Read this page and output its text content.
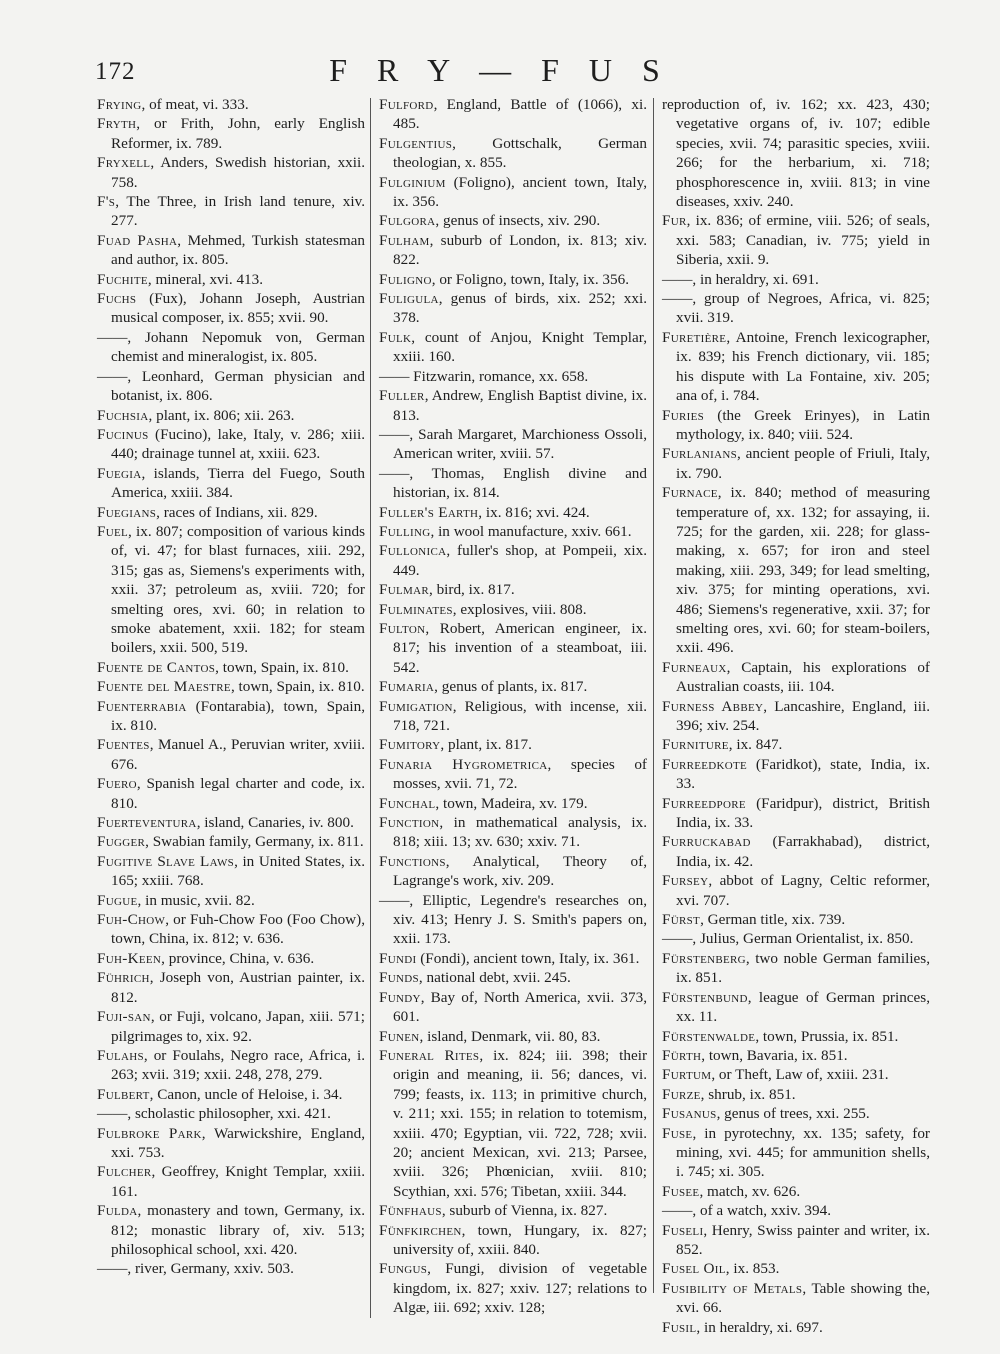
172	F R Y — F U S

Frying, of meat, vi. 333.

Fryth, or Frith, John, early English Reformer, ix. 789.

Fryxell, Anders, Swedish historian, xxii. 758.

F's, The Three, in Irish land tenure, xiv. 277.

Fuad Pasha, Mehmed, Turkish statesman and author, ix. 805.

Fuchite, mineral, xvi. 413.

Fuchs (Fux), Johann Joseph, Austrian musical composer, ix. 855; xvii. 90.

——, Johann Nepomuk von, German chemist and mineralogist, ix. 805.

——, Leonhard, German physician and botanist, ix. 806.

Fuchsia, plant, ix. 806; xii. 263.

Fucinus (Fucino), lake, Italy, v. 286; xiii. 440; drainage tunnel at, xxiii. 623.

Fuegia, islands, Tierra del Fuego, South America, xxiii. 384.

Fuegians, races of Indians, xii. 829.

Fuel, ix. 807; composition of various kinds of, vi. 47; for blast furnaces, xiii. 292, 315; gas as, Siemens's experiments with, xxii. 37; petroleum as, xviii. 720; for smelting ores, xvi. 60; in relation to smoke abatement, xxii. 182; for steam boilers, xxii. 500, 519.

Fuente de Cantos, town, Spain, ix. 810.

Fuente del Maestre, town, Spain, ix. 810.

Fuenterrabia (Fontarabia), town, Spain, ix. 810.

Fuentes, Manuel A., Peruvian writer, xviii. 676.

Fuero, Spanish legal charter and code, ix. 810.

Fuerteventura, island, Canaries, iv. 800.

Fugger, Swabian family, Germany, ix. 811.

Fugitive Slave Laws, in United States, ix. 165; xxiii. 768.

Fugue, in music, xvii. 82.

Fuh-Chow, or Fuh-Chow Foo (Foo Chow), town, China, ix. 812; v. 636.

Fuh-Keen, province, China, v. 636.

Führich, Joseph von, Austrian painter, ix. 812.

Fuji-san, or Fuji, volcano, Japan, xiii. 571; pilgrimages to, xix. 92.

Fulahs, or Foulahs, Negro race, Africa, i. 263; xvii. 319; xxii. 248, 278, 279.

Fulbert, Canon, uncle of Heloise, i. 34.

——, scholastic philosopher, xxi. 421.

Fulbroke Park, Warwickshire, England, xxi. 753.

Fulcher, Geoffrey, Knight Templar, xxiii. 161.

Fulda, monastery and town, Germany, ix. 812; monastic library of, xiv. 513; philosophical school, xxi. 420.

——, river, Germany, xxiv. 503.

Fulford, England, Battle of (1066), xi. 485.

Fulgentius, Gottschalk, German theologian, x. 855.

Fulginium (Foligno), ancient town, Italy, ix. 356.

Fulgora, genus of insects, xiv. 290.

Fulham, suburb of London, ix. 813; xiv. 822.

Fuligno, or Foligno, town, Italy, ix. 356.

Fuligula, genus of birds, xix. 252; xxi. 378.

Fulk, count of Anjou, Knight Templar, xxiii. 160.

—— Fitzwarin, romance, xx. 658.

Fuller, Andrew, English Baptist divine, ix. 813.

——, Sarah Margaret, Marchioness Ossoli, American writer, xviii. 57.

——, Thomas, English divine and historian, ix. 814.

Fuller's Earth, ix. 816; xvi. 424.

Fulling, in wool manufacture, xxiv. 661.

Fullonica, fuller's shop, at Pompeii, xix. 449.

Fulmar, bird, ix. 817.

Fulminates, explosives, viii. 808.

Fulton, Robert, American engineer, ix. 817; his invention of a steamboat, iii. 542.

Fumaria, genus of plants, ix. 817.

Fumigation, Religious, with incense, xii. 718, 721.

Fumitory, plant, ix. 817.

Funaria Hygrometrica, species of mosses, xvii. 71, 72.

Funchal, town, Madeira, xv. 179.

Function, in mathematical analysis, ix. 818; xiii. 13; xv. 630; xxiv. 71.

Functions, Analytical, Theory of, Lagrange's work, xiv. 209.

——, Elliptic, Legendre's researches on, xiv. 413; Henry J. S. Smith's papers on, xxii. 173.

Fundi (Fondi), ancient town, Italy, ix. 361.

Funds, national debt, xvii. 245.

Fundy, Bay of, North America, xvii. 373, 601.

Funen, island, Denmark, vii. 80, 83.

Funeral Rites, ix. 824; iii. 398; their origin and meaning, ii. 56; dances, vi. 799; feasts, ix. 113; in primitive church, v. 211; xxi. 155; in relation to totemism, xxiii. 470; Egyptian, vii. 722, 728; xvii. 20; ancient Mexican, xvi. 213; Parsee, xviii. 326; Phœnician, xviii. 810; Scythian, xxi. 576; Tibetan, xxiii. 344.

Fünfhaus, suburb of Vienna, ix. 827.

Fünfkirchen, town, Hungary, ix. 827; university of, xxiii. 840.

Fungus, Fungi, division of vegetable kingdom, ix. 827; xxiv. 127; relations to Algæ, iii. 692; xxiv. 128;

reproduction of, iv. 162; xx. 423, 430; vegetative organs of, iv. 107; edible species, xvii. 74; parasitic species, xviii. 266; for the herbarium, xi. 718; phosphorescence in, xviii. 813; in vine diseases, xxiv. 240.

Fur, ix. 836; of ermine, viii. 526; of seals, xxi. 583; Canadian, iv. 775; yield in Siberia, xxii. 9.

——, in heraldry, xi. 691.

——, group of Negroes, Africa, vi. 825; xvii. 319.

Furetière, Antoine, French lexicographer, ix. 839; his French dictionary, vii. 185; his dispute with La Fontaine, xiv. 205; ana of, i. 784.

Furies (the Greek Erinyes), in Latin mythology, ix. 840; viii. 524.

Furlanians, ancient people of Friuli, Italy, ix. 790.

Furnace, ix. 840; method of measuring temperature of, xx. 132; for assaying, ii. 725; for the garden, xii. 228; for glass-making, x. 657; for iron and steel making, xiii. 293, 349; for lead smelting, xiv. 375; for minting operations, xvi. 486; Siemens's regenerative, xxii. 37; for smelting ores, xvi. 60; for steam-boilers, xxii. 496.

Furneaux, Captain, his explorations of Australian coasts, iii. 104.

Furness Abbey, Lancashire, England, iii. 396; xiv. 254.

Furniture, ix. 847.

Furreedkote (Faridkot), state, India, ix. 33.

Furreedpore (Faridpur), district, British India, ix. 33.

Furruckabad (Farrakhabad), district, India, ix. 42.

Fursey, abbot of Lagny, Celtic reformer, xvi. 707.

Fürst, German title, xix. 739.

——, Julius, German Orientalist, ix. 850.

Fürstenberg, two noble German families, ix. 851.

Fürstenbund, league of German princes, xx. 11.

Fürstenwalde, town, Prussia, ix. 851.

Fürth, town, Bavaria, ix. 851.

Furtum, or Theft, Law of, xxiii. 231.

Furze, shrub, ix. 851.

Fusanus, genus of trees, xxi. 255.

Fuse, in pyrotechny, xx. 135; safety, for mining, xvi. 445; for ammunition shells, i. 745; xi. 305.

Fusee, match, xv. 626.

——, of a watch, xxiv. 394.

Fuseli, Henry, Swiss painter and writer, ix. 852.

Fusel Oil, ix. 853.

Fusibility of Metals, Table showing the, xvi. 66.

Fusil, in heraldry, xi. 697.
